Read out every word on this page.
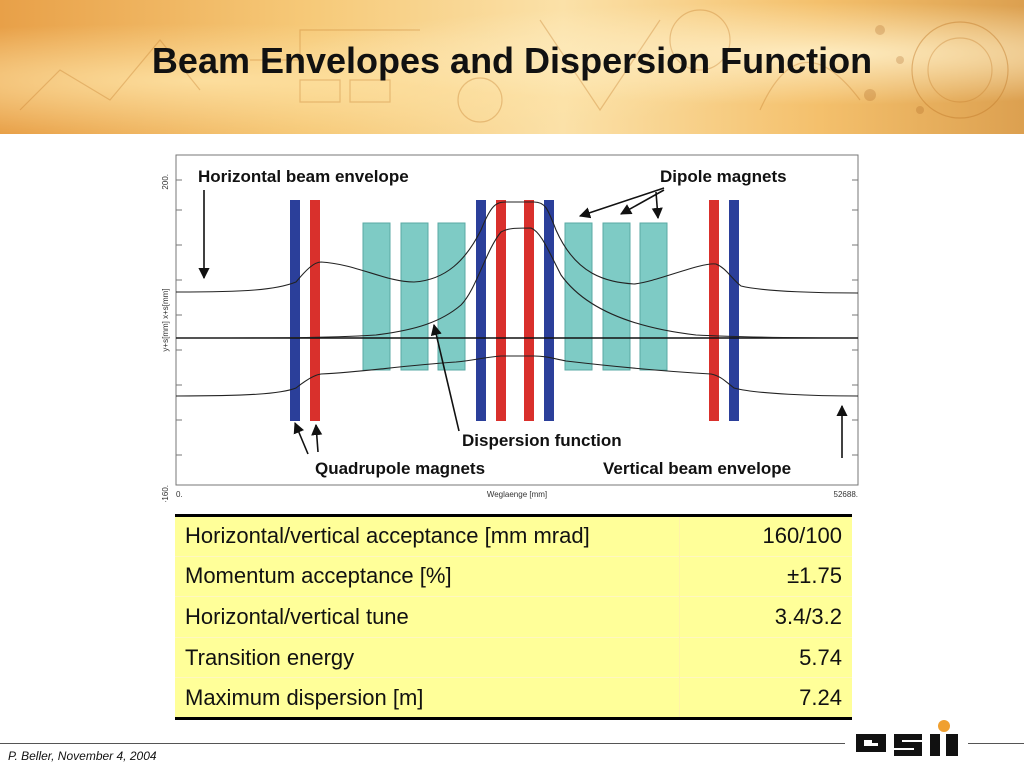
Beam Envelopes and Dispersion Function
200.
-160.
y+s[mm] x+s[mm]
0.	Weglaenge [mm]	52688.
Horizontal beam envelope	Dipole magnets
Dispersion function
Quadrupole magnets	Vertical beam envelope
Horizontal/vertical acceptance [mm mrad]	160/100
Momentum acceptance [%]	±1.75
Horizontal/vertical tune	3.4/3.2
Transition energy	5.74
Maximum dispersion [m]	7.24
P. Beller, November 4, 2004
